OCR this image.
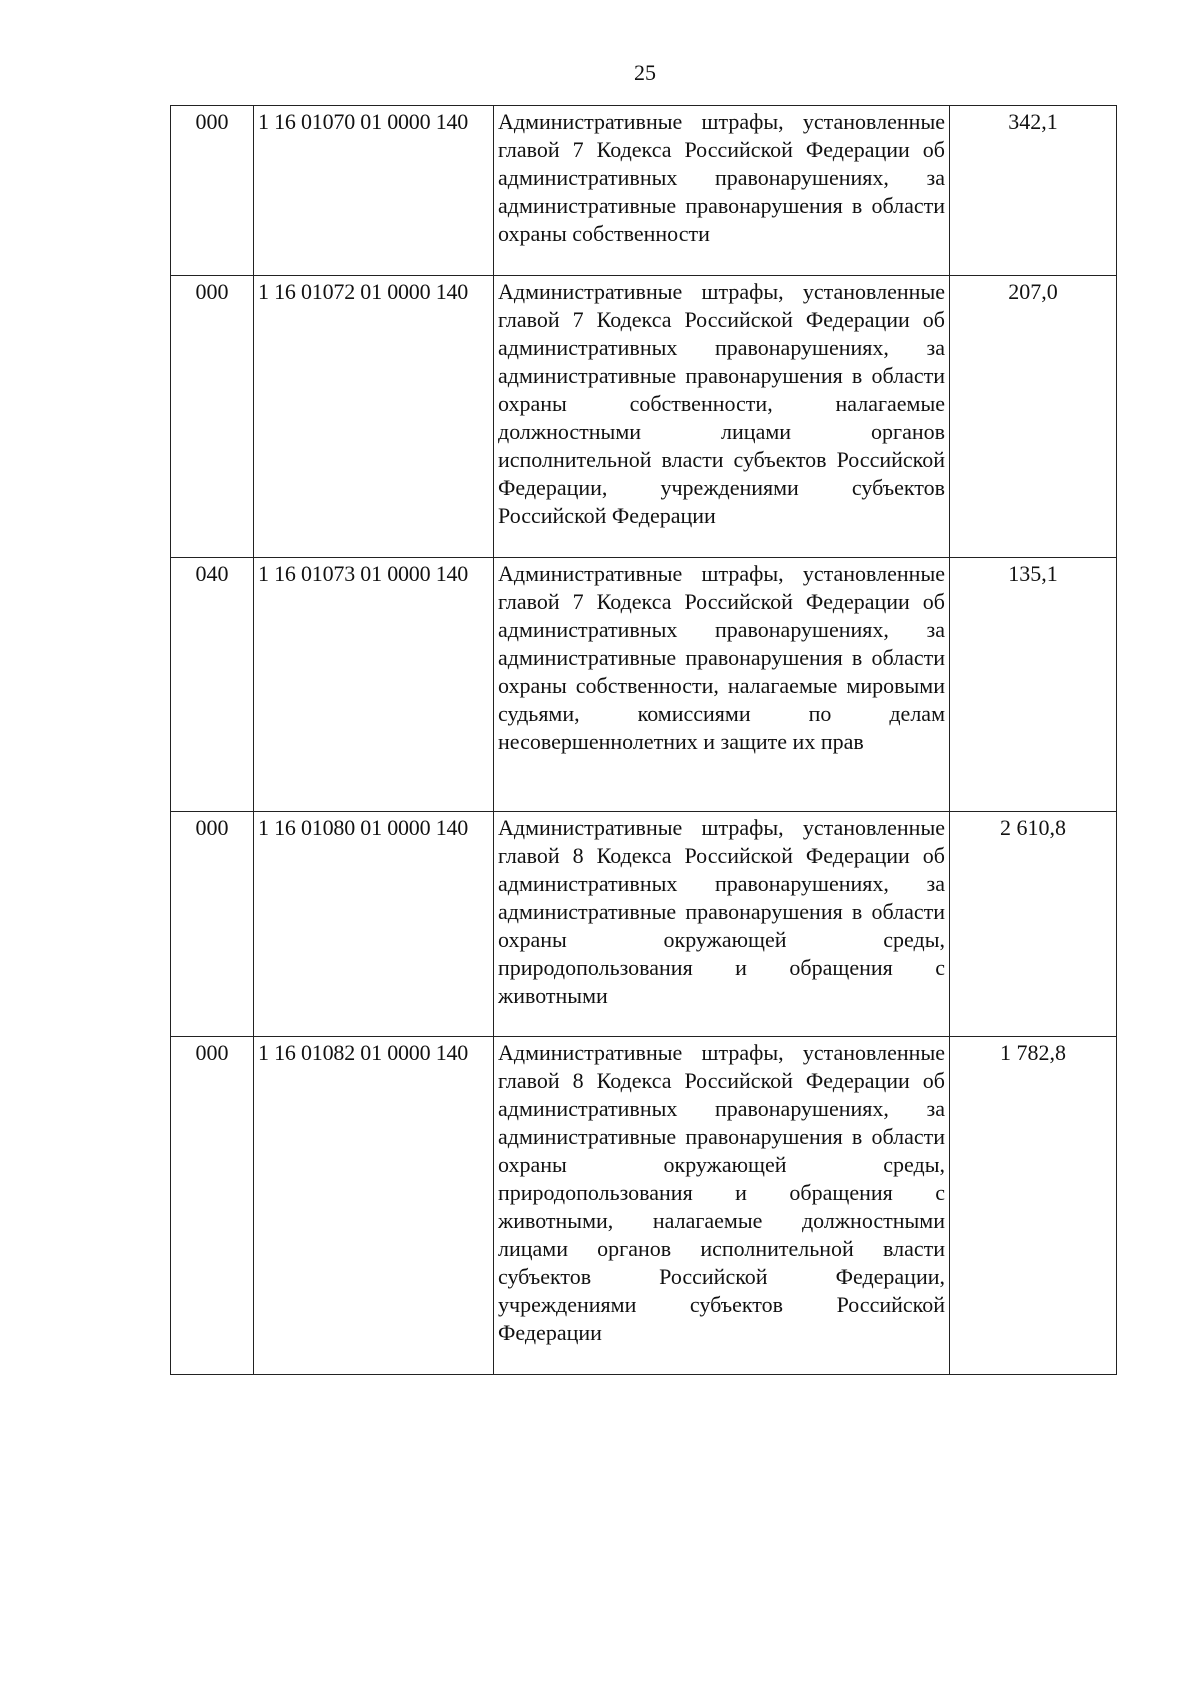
25
000	1 16 01070 01 0000 140	Административные штрафы, установленные главой 7 Кодекса Российской Федерации об административных правонарушениях, за административные правонарушения в области охраны собственности	342,1
000	1 16 01072 01 0000 140	Административные штрафы, установленные главой 7 Кодекса Российской Федерации об административных правонарушениях, за административные правонарушения в области охраны собственности, налагаемые должностными лицами органов исполнительной власти субъектов Российской Федерации, учреждениями субъектов Российской Федерации	207,0
040	1 16 01073 01 0000 140	Административные штрафы, установленные главой 7 Кодекса Российской Федерации об административных правонарушениях, за административные правонарушения в области охраны собственности, налагаемые мировыми судьями, комиссиями по делам несовершеннолетних и защите их прав	135,1
000	1 16 01080 01 0000 140	Административные штрафы, установленные главой 8 Кодекса Российской Федерации об административных правонарушениях, за административные правонарушения в области охраны окружающей среды, природопользования и обращения с животными	2 610,8
000	1 16 01082 01 0000 140	Административные штрафы, установленные главой 8 Кодекса Российской Федерации об административных правонарушениях, за административные правонарушения в области охраны окружающей среды, природопользования и обращения с животными, налагаемые должностными лицами органов исполнительной власти субъектов Российской Федерации, учреждениями субъектов Российской Федерации	1 782,8
